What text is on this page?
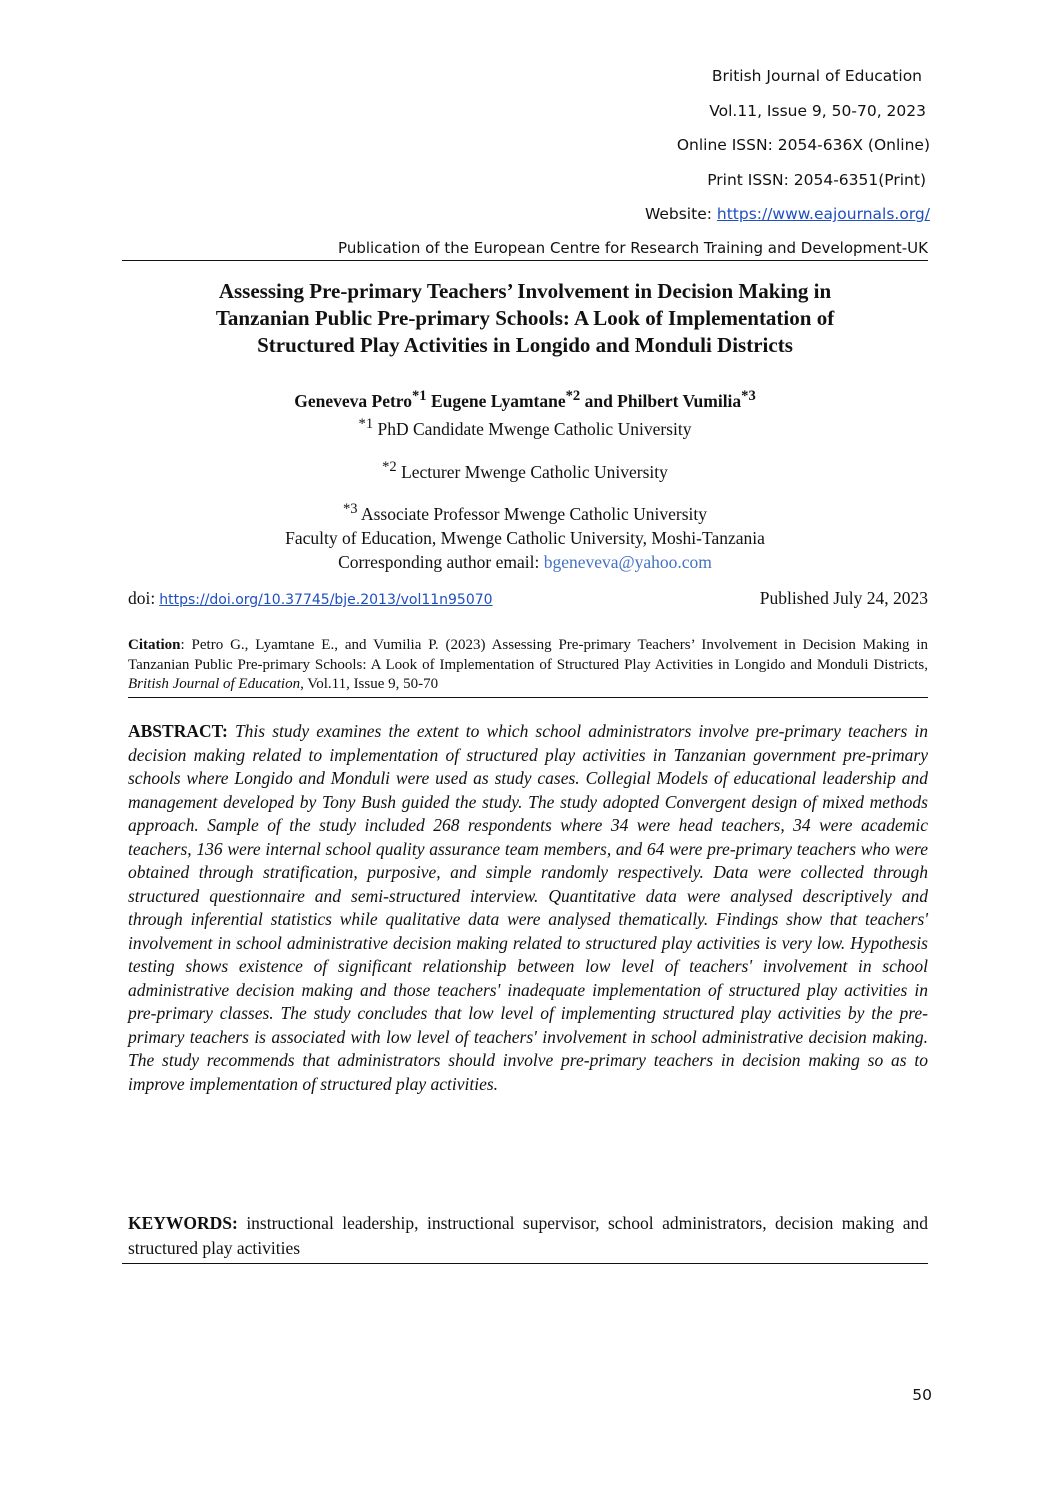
British Journal of Education
Vol.11, Issue 9, 50-70, 2023
Online ISSN: 2054-636X (Online)
Print ISSN: 2054-6351(Print)
Website: https://www.eajournals.org/
Publication of the European Centre for Research Training and Development-UK
Assessing Pre-primary Teachers’ Involvement in Decision Making in
Tanzanian Public Pre-primary Schools: A Look of Implementation of
Structured Play Activities in Longido and Monduli Districts
Geneveva Petro$^{*1}$ Eugene Lyamtane$^{*2}$ and Philbert Vumilia$^{*3}$
$^{*1}$ PhD Candidate Mwenge Catholic University
$^{*2}$ Lecturer Mwenge Catholic University
$^{*3}$ Associate Professor Mwenge Catholic University
Faculty of Education, Mwenge Catholic University, Moshi-Tanzania
Corresponding author email: bgeneveva@yahoo.com
doi: https://doi.org/10.37745/bje.2013/vol11n95070	Published July 24, 2023
Citation: Petro G., Lyamtane E., and Vumilia P. (2023) Assessing Pre-primary Teachers’ Involvement in Decision Making in Tanzanian Public Pre-primary Schools: A Look of Implementation of Structured Play Activities in Longido and Monduli Districts, British Journal of Education, Vol.11, Issue 9, 50-70

ABSTRACT: This study examines the extent to which school administrators involve pre-primary teachers in decision making related to implementation of structured play activities in Tanzanian government pre-primary schools where Longido and Monduli were used as study cases. Collegial Models of educational leadership and management developed by Tony Bush guided the study. The study adopted Convergent design of mixed methods approach. Sample of the study included 268 respondents where 34 were head teachers, 34 were academic teachers, 136 were internal school quality assurance team members, and 64 were pre-primary teachers who were obtained through stratification, purposive, and simple randomly respectively. Data were collected through structured questionnaire and semi-structured interview. Quantitative data were analysed descriptively and through inferential statistics while qualitative data were analysed thematically. Findings show that teachers' involvement in school administrative decision making related to structured play activities is very low. Hypothesis testing shows existence of significant relationship between low level of teachers' involvement in school administrative decision making and those teachers' inadequate implementation of structured play activities in pre-primary classes. The study concludes that low level of implementing structured play activities by the pre-primary teachers is associated with low level of teachers' involvement in school administrative decision making. The study recommends that administrators should involve pre-primary teachers in decision making so as to improve implementation of structured play activities.

KEYWORDS: instructional leadership, instructional supervisor, school administrators, decision making and structured play activities
50
